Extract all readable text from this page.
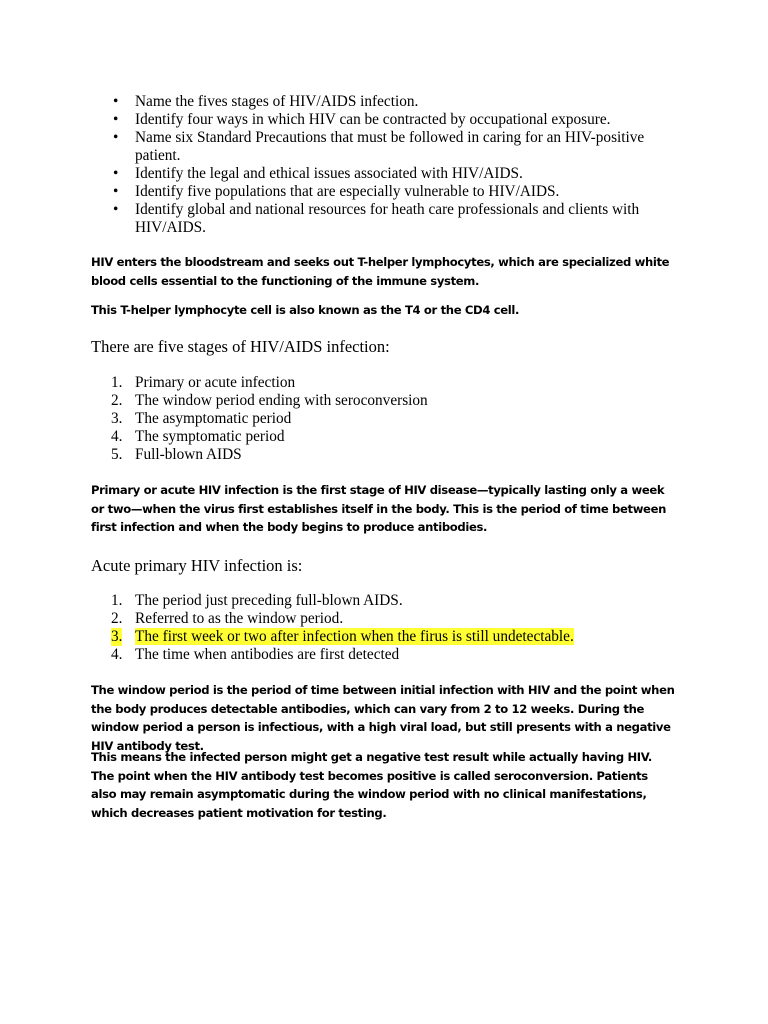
• Name the fives stages of HIV/AIDS infection.
• Identify four ways in which HIV can be contracted by occupational exposure.
• Name six Standard Precautions that must be followed in caring for an HIV-positive patient.
• Identify the legal and ethical issues associated with HIV/AIDS.
• Identify five populations that are especially vulnerable to HIV/AIDS.
• Identify global and national resources for heath care professionals and clients with HIV/AIDS.

HIV enters the bloodstream and seeks out T-helper lymphocytes, which are specialized white blood cells essential to the functioning of the immune system.

This T-helper lymphocyte cell is also known as the T4 or the CD4 cell.

There are five stages of HIV/AIDS infection:

1. Primary or acute infection
2. The window period ending with seroconversion
3. The asymptomatic period
4. The symptomatic period
5. Full-blown AIDS

Primary or acute HIV infection is the first stage of HIV disease—typically lasting only a week or two—when the virus first establishes itself in the body. This is the period of time between first infection and when the body begins to produce antibodies.

Acute primary HIV infection is:

1. The period just preceding full-blown AIDS.
2. Referred to as the window period.
3. The first week or two after infection when the firus is still undetectable.
4. The time when antibodies are first detected

The window period is the period of time between initial infection with HIV and the point when the body produces detectable antibodies, which can vary from 2 to 12 weeks. During the window period a person is infectious, with a high viral load, but still presents with a negative HIV antibody test.

This means the infected person might get a negative test result while actually having HIV. The point when the HIV antibody test becomes positive is called seroconversion. Patients also may remain asymptomatic during the window period with no clinical manifestations, which decreases patient motivation for testing.
